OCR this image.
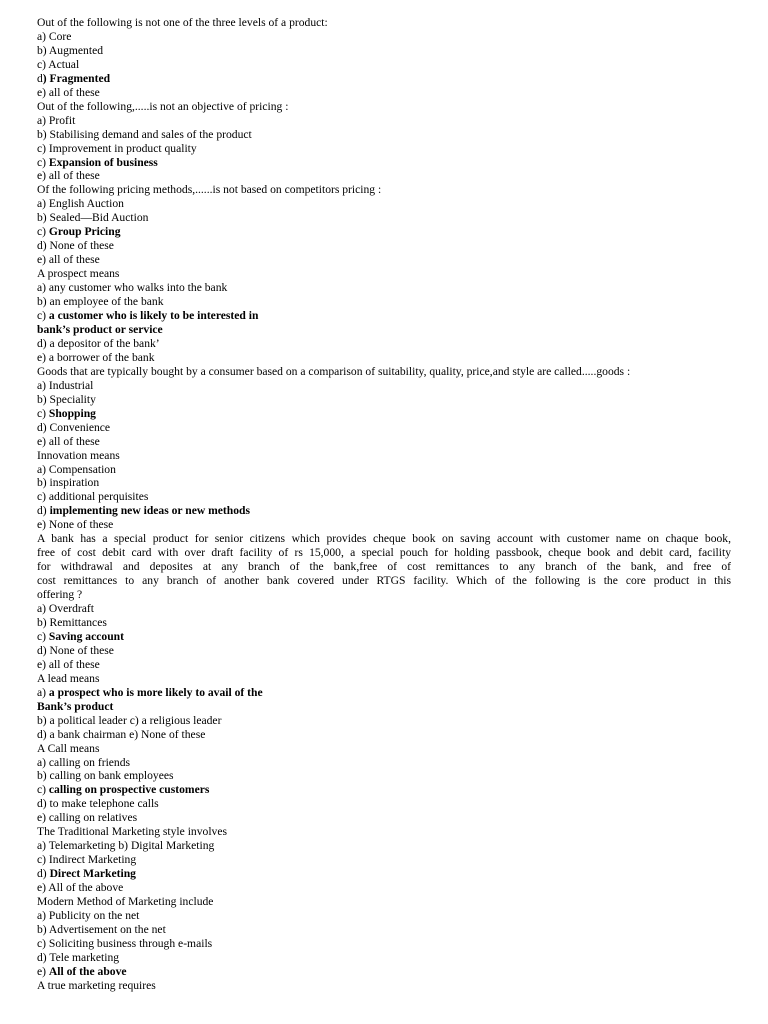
Out of the following is not one of the three levels of a product:
a) Core
b) Augmented
c) Actual
d) Fragmented
e) all of these
Out of the following,.....is not an objective of pricing :
a) Profit
b) Stabilising demand and sales of the product
c) Improvement in product quality
c) Expansion of business
e) all of these
Of the following pricing methods,......is not based on competitors pricing :
a) English Auction
b) Sealed—Bid Auction
c) Group Pricing
d) None of these
e) all of these
A prospect means
a) any customer who walks into the bank
b) an employee of the bank
c) a customer who is likely to be interested in
bank’s product or service
d) a depositor of the bank’
e) a borrower of the bank
Goods that are typically bought by a consumer based on a comparison of suitability, quality, price,and style are called.....goods :
a) Industrial
b) Speciality
c) Shopping
d) Convenience
e) all of these
Innovation means
a) Compensation
b) inspiration
c) additional perquisites
d) implementing new ideas or new methods
e) None of these
A bank has a special product for senior citizens which provides cheque book on saving account with customer name on chaque book,
free of cost debit card with over draft facility of rs 15,000, a special pouch for holding passbook, cheque book and debit card, facility
for withdrawal and deposites at any branch of the bank,free of cost remittances to any branch of the bank, and free of
cost remittances to any branch of another bank covered under RTGS facility. Which of the following is the core product in this
offering ?
a) Overdraft
b) Remittances
c) Saving account
d) None of these
e) all of these
A lead means
a) a prospect who is more likely to avail of the
Bank’s product
b) a political leader c) a religious leader
d) a bank chairman e) None of these
A Call means
a) calling on friends
b) calling on bank employees
c) calling on prospective customers
d) to make telephone calls
e) calling on relatives
The Traditional Marketing style involves
a) Telemarketing b) Digital Marketing
c) Indirect Marketing
d) Direct Marketing
e) All of the above
Modern Method of Marketing include
a) Publicity on the net
b) Advertisement on the net
c) Soliciting business through e-mails
d) Tele marketing
e) All of the above
A true marketing requires
